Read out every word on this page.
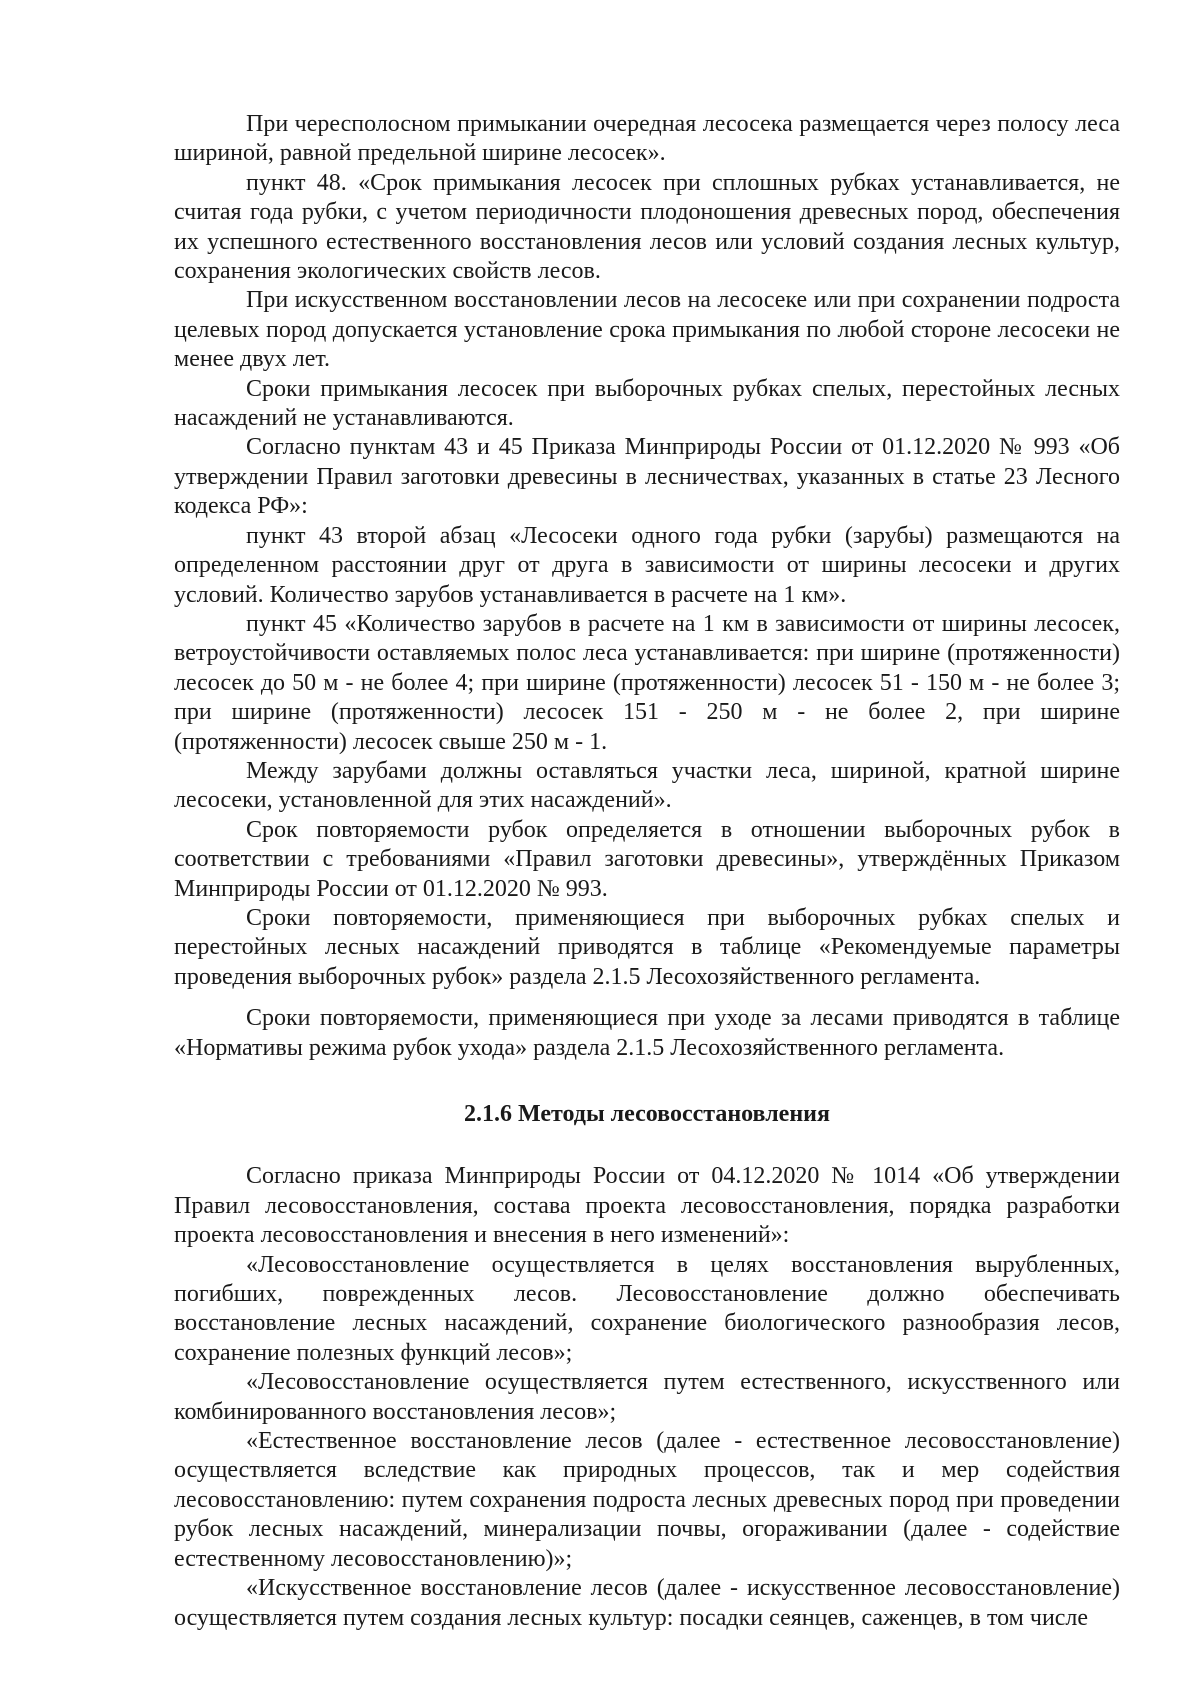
При чересполосном примыкании очередная лесосека размещается через полосу леса шириной, равной предельной ширине лесосек».

пункт 48. «Срок примыкания лесосек при сплошных рубках устанавливается, не считая года рубки, с учетом периодичности плодоношения древесных пород, обеспечения их успешного естественного восстановления лесов или условий создания лесных культур, сохранения экологических свойств лесов.

При искусственном восстановлении лесов на лесосеке или при сохранении подроста целевых пород допускается установление срока примыкания по любой стороне лесосеки не менее двух лет.

Сроки примыкания лесосек при выборочных рубках спелых, перестойных лесных насаждений не устанавливаются.

Согласно пунктам 43 и 45 Приказа Минприроды России от 01.12.2020 № 993 «Об утверждении Правил заготовки древесины в лесничествах, указанных в статье 23 Лесного кодекса РФ»:

пункт 43 второй абзац «Лесосеки одного года рубки (зарубы) размещаются на определенном расстоянии друг от друга в зависимости от ширины лесосеки и других условий. Количество зарубов устанавливается в расчете на 1 км».

пункт 45 «Количество зарубов в расчете на 1 км в зависимости от ширины лесосек, ветроустойчивости оставляемых полос леса устанавливается: при ширине (протяженности) лесосек до 50 м - не более 4; при ширине (протяженности) лесосек 51 - 150 м - не более 3; при ширине (протяженности) лесосек 151 - 250 м - не более 2, при ширине (протяженности) лесосек свыше 250 м - 1.

Между зарубами должны оставляться участки леса, шириной, кратной ширине лесосеки, установленной для этих насаждений».

Срок повторяемости рубок определяется в отношении выборочных рубок в соответствии с требованиями «Правил заготовки древесины», утверждённых Приказом Минприроды России от 01.12.2020 № 993.

Сроки повторяемости, применяющиеся при выборочных рубках спелых и перестойных лесных насаждений приводятся в таблице «Рекомендуемые параметры проведения выборочных рубок» раздела 2.1.5 Лесохозяйственного регламента.

Сроки повторяемости, применяющиеся при уходе за лесами приводятся в таблице «Нормативы режима рубок ухода» раздела 2.1.5 Лесохозяйственного регламента.

2.1.6 Методы лесовосстановления

Согласно приказа Минприроды России от 04.12.2020 № 1014 «Об утверждении Правил лесовосстановления, состава проекта лесовосстановления, порядка разработки проекта лесовосстановления и внесения в него изменений»:

«Лесовосстановление осуществляется в целях восстановления вырубленных, погибших, поврежденных лесов. Лесовосстановление должно обеспечивать восстановление лесных насаждений, сохранение биологического разнообразия лесов, сохранение полезных функций лесов»;

«Лесовосстановление осуществляется путем естественного, искусственного или комбинированного восстановления лесов»;

«Естественное восстановление лесов (далее - естественное лесовосстановление) осуществляется вследствие как природных процессов, так и мер содействия лесовосстановлению: путем сохранения подроста лесных древесных пород при проведении рубок лесных насаждений, минерализации почвы, огораживании (далее - содействие естественному лесовосстановлению)»;

«Искусственное восстановление лесов (далее - искусственное лесовосстановление) осуществляется путем создания лесных культур: посадки сеянцев, саженцев, в том числе
